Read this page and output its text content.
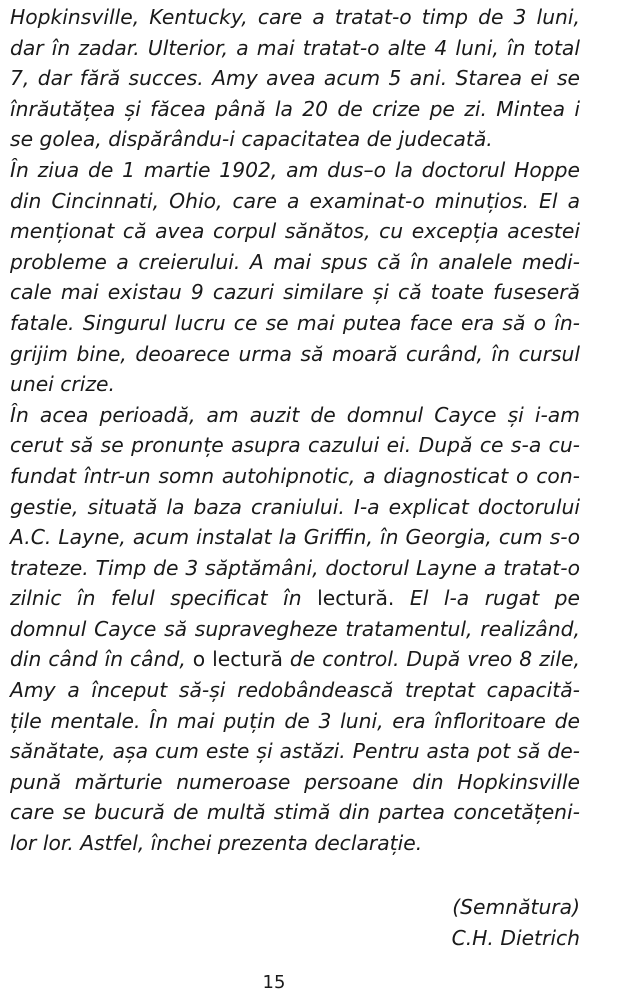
Hopkinsville, Kentucky, care a tratat-o timp de 3 luni,
dar în zadar. Ulterior, a mai tratat-o alte 4 luni, în total
7, dar fără succes. Amy avea acum 5 ani. Starea ei se
înrăutățea și făcea până la 20 de crize pe zi. Mintea i
se golea, dispărându-i capacitatea de judecată.
În ziua de 1 martie 1902, am dus–o la doctorul Hoppe
din Cincinnati, Ohio, care a examinat-o minuțios. El a
menționat că avea corpul sănătos, cu excepția acestei
probleme a creierului. A mai spus că în analele medi-
cale mai existau 9 cazuri similare și că toate fuseseră
fatale. Singurul lucru ce se mai putea face era să o în-
grijim bine, deoarece urma să moară curând, în cursul
unei crize.
În acea perioadă, am auzit de domnul Cayce și i-am
cerut să se pronunțe asupra cazului ei. După ce s-a cu-
fundat într-un somn autohipnotic, a diagnosticat o con-
gestie, situată la baza craniului. I-a explicat doctorului
A.C. Layne, acum instalat la Griffin, în Georgia, cum s-o
trateze. Timp de 3 săptămâni, doctorul Layne a tratat-o
zilnic în felul specificat în lectură. El l-a rugat pe
domnul Cayce să supravegheze tratamentul, realizând,
din când în când, o lectură de control. După vreo 8 zile,
Amy a început să-și redobândească treptat capacită-
țile mentale. În mai puțin de 3 luni, era înfloritoare de
sănătate, așa cum este și astăzi. Pentru asta pot să de-
pună mărturie numeroase persoane din Hopkinsville
care se bucură de multă stimă din partea concetățeni-
lor lor. Astfel, închei prezenta declarație.
(Semnătura)
C.H. Dietrich
15
